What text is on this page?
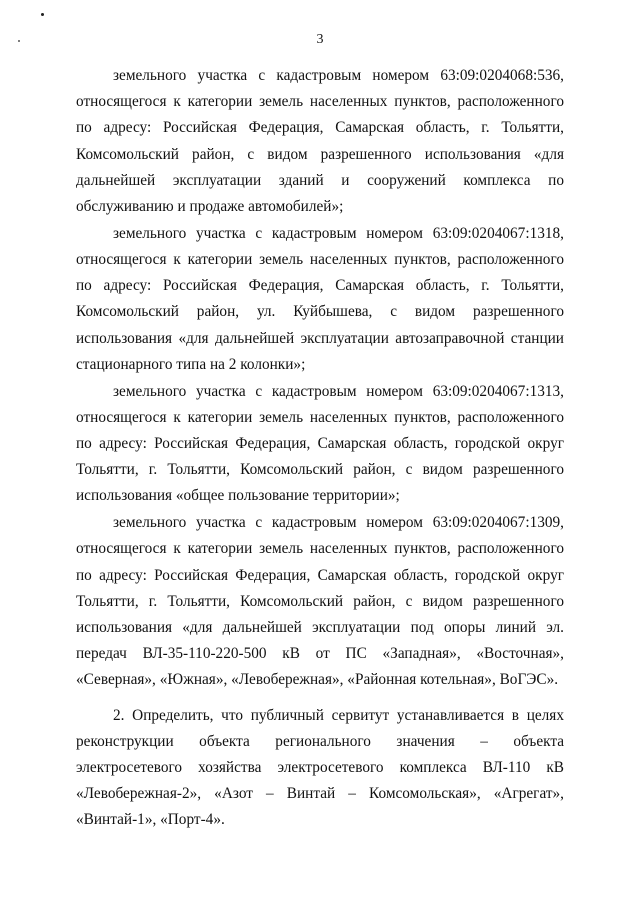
3

земельного участка с кадастровым номером 63:09:0204068:536, относящегося к категории земель населенных пунктов, расположенного по адресу: Российская Федерация, Самарская область, г. Тольятти, Комсомольский район, с видом разрешенного использования «для дальнейшей эксплуатации зданий и сооружений комплекса по обслуживанию и продаже автомобилей»;

земельного участка с кадастровым номером 63:09:0204067:1318, относящегося к категории земель населенных пунктов, расположенного по адресу: Российская Федерация, Самарская область, г. Тольятти, Комсомольский район, ул. Куйбышева, с видом разрешенного использования «для дальнейшей эксплуатации автозаправочной станции стационарного типа на 2 колонки»;

земельного участка с кадастровым номером 63:09:0204067:1313, относящегося к категории земель населенных пунктов, расположенного по адресу: Российская Федерация, Самарская область, городской округ Тольятти, г. Тольятти, Комсомольский район, с видом разрешенного использования «общее пользование территории»;

земельного участка с кадастровым номером 63:09:0204067:1309, относящегося к категории земель населенных пунктов, расположенного по адресу: Российская Федерация, Самарская область, городской округ Тольятти, г. Тольятти, Комсомольский район, с видом разрешенного использования «для дальнейшей эксплуатации под опоры линий эл. передач ВЛ-35-110-220-500 кВ от ПС «Западная», «Восточная», «Северная», «Южная», «Левобережная», «Районная котельная», ВоГЭС».

2. Определить, что публичный сервитут устанавливается в целях реконструкции объекта регионального значения – объекта электросетевого хозяйства электросетевого комплекса ВЛ-110 кВ «Левобережная-2», «Азот – Винтай – Комсомольская», «Агрегат», «Винтай-1», «Порт-4».
